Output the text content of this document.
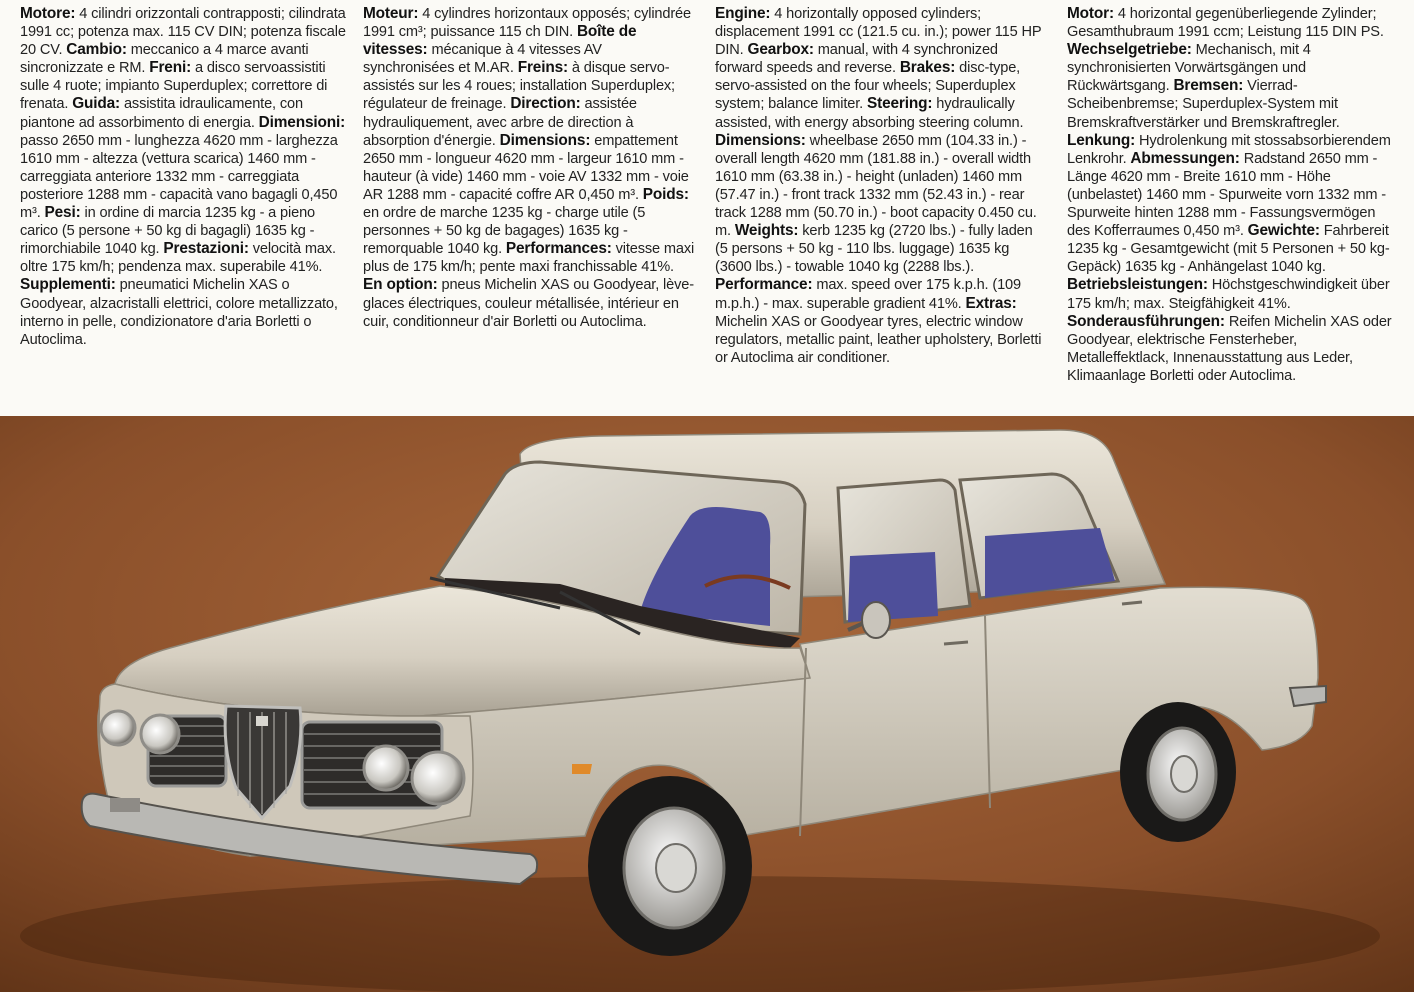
Motore: 4 cilindri orizzontali contrapposti; cilindrata 1991 cc; potenza max. 115 CV DIN; potenza fiscale 20 CV. Cambio: meccanico a 4 marce avanti sincronizzate e RM. Freni: a disco servoassistiti sulle 4 ruote; impianto Superduplex; correttore di frenata. Guida: assistita idraulicamente, con piantone ad assorbimento di energia. Dimensioni: passo 2650 mm - lunghezza 4620 mm - larghezza 1610 mm - altezza (vettura scarica) 1460 mm - carreggiata anteriore 1332 mm - carreggiata posteriore 1288 mm - capacità vano bagagli 0,450 m³. Pesi: in ordine di marcia 1235 kg - a pieno carico (5 persone + 50 kg di bagagli) 1635 kg - rimorchiabile 1040 kg. Prestazioni: velocità max. oltre 175 km/h; pendenza max. superabile 41%. Supplementi: pneumatici Michelin XAS o Goodyear, alzacristalli elettrici, colore metallizzato, interno in pelle, condizionatore d'aria Borletti o Autoclima.

Moteur: 4 cylindres horizontaux opposés; cylindrée 1991 cm³; puissance 115 ch DIN. Boîte de vitesses: mécanique à 4 vitesses AV synchronisées et M.AR. Freins: à disque servo-assistés sur les 4 roues; installation Superduplex; régulateur de freinage. Direction: assistée hydrauliquement, avec arbre de direction à absorption d'énergie. Dimensions: empattement 2650 mm - longueur 4620 mm - largeur 1610 mm - hauteur (à vide) 1460 mm - voie AV 1332 mm - voie AR 1288 mm - capacité coffre AR 0,450 m³. Poids: en ordre de marche 1235 kg - charge utile (5 personnes + 50 kg de bagages) 1635 kg - remorquable 1040 kg. Performances: vitesse maxi plus de 175 km/h; pente maxi franchissable 41%. En option: pneus Michelin XAS ou Goodyear, lève-glaces électriques, couleur métallisée, intérieur en cuir, conditionneur d'air Borletti ou Autoclima.

Engine: 4 horizontally opposed cylinders; displacement 1991 cc (121.5 cu. in.); power 115 HP DIN. Gearbox: manual, with 4 synchronized forward speeds and reverse. Brakes: disc-type, servo-assisted on the four wheels; Superduplex system; balance limiter. Steering: hydraulically assisted, with energy absorbing steering column. Dimensions: wheelbase 2650 mm (104.33 in.) - overall length 4620 mm (181.88 in.) - overall width 1610 mm (63.38 in.) - height (unladen) 1460 mm (57.47 in.) - front track 1332 mm (52.43 in.) - rear track 1288 mm (50.70 in.) - boot capacity 0.450 cu. m. Weights: kerb 1235 kg (2720 lbs.) - fully laden (5 persons + 50 kg - 110 lbs. luggage) 1635 kg (3600 lbs.) - towable 1040 kg (2288 lbs.). Performance: max. speed over 175 k.p.h. (109 m.p.h.) - max. superable gradient 41%. Extras: Michelin XAS or Goodyear tyres, electric window regulators, metallic paint, leather upholstery, Borletti or Autoclima air conditioner.

Motor: 4 horizontal gegenüberliegende Zylinder; Gesamthubraum 1991 ccm; Leistung 115 DIN PS. Wechselgetriebe: Mechanisch, mit 4 synchronisierten Vorwärtsgängen und Rückwärtsgang. Bremsen: Vierrad-Scheibenbremse; Superduplex-System mit Bremskraftverstärker und Bremskraftregler. Lenkung: Hydrolenkung mit stossabsorbierendem Lenkrohr. Abmessungen: Radstand 2650 mm - Länge 4620 mm - Breite 1610 mm - Höhe (unbelastet) 1460 mm - Spurweite vorn 1332 mm - Spurweite hinten 1288 mm - Fassungsvermögen des Kofferraumes 0,450 m³. Gewichte: Fahrbereit 1235 kg - Gesamtgewicht (mit 5 Personen + 50 kg-Gepäck) 1635 kg - Anhängelast 1040 kg. Betriebsleistungen: Höchstgeschwindigkeit über 175 km/h; max. Steigfähigkeit 41%. Sonderausführungen: Reifen Michelin XAS oder Goodyear, elektrische Fensterheber, Metalleffektlack, Innenausstattung aus Leder, Klimaanlage Borletti oder Autoclima.
